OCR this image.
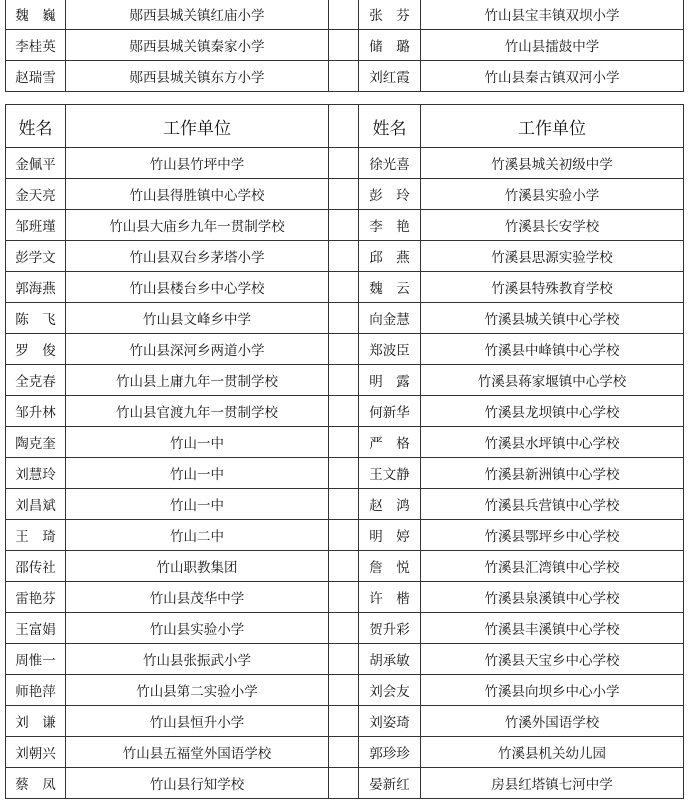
魏　巍	郧西县城关镇红庙小学		张　芬	竹山县宝丰镇双坝小学
李桂英	郧西县城关镇秦家小学		储　璐	竹山县擂鼓中学
赵瑞雪	郧西县城关镇东方小学		刘红霞	竹山县秦古镇双河小学
姓名	工作单位		姓名	工作单位
金佩平	竹山县竹坪中学		徐光喜	竹溪县城关初级中学
金天亮	竹山县得胜镇中心学校		彭　玲	竹溪县实验小学
邹班瑾	竹山县大庙乡九年一贯制学校		李　艳	竹溪县长安学校
彭学文	竹山县双台乡茅塔小学		邱　燕	竹溪县思源实验学校
郭海燕	竹山县楼台乡中心学校		魏　云	竹溪县特殊教育学校
陈　飞	竹山县文峰乡中学		向金慧	竹溪县城关镇中心学校
罗　俊	竹山县深河乡两道小学		郑波臣	竹溪县中峰镇中心学校
全克春	竹山县上庸九年一贯制学校		明　露	竹溪县蒋家堰镇中心学校
邹升林	竹山县官渡九年一贯制学校		何新华	竹溪县龙坝镇中心学校
陶克奎	竹山一中		严　格	竹溪县水坪镇中心学校
刘慧玲	竹山一中		王文静	竹溪县新洲镇中心学校
刘昌斌	竹山一中		赵　鸿	竹溪县兵营镇中心学校
王　琦	竹山二中		明　婷	竹溪县鄂坪乡中心学校
邵传社	竹山职教集团		詹　悦	竹溪县汇湾镇中心学校
雷艳芬	竹山县茂华中学		许　楷	竹溪县泉溪镇中心学校
王富娟	竹山县实验小学		贺升彩	竹溪县丰溪镇中心学校
周惟一	竹山县张振武小学		胡承敏	竹溪县天宝乡中心学校
师艳萍	竹山县第二实验小学		刘会友	竹溪县向坝乡中心小学
刘　谦	竹山县恒升小学		刘姿琦	竹溪外国语学校
刘朝兴	竹山县五福堂外国语学校		郭珍珍	竹溪县机关幼儿园
蔡　凤	竹山县行知学校		晏新红	房县红塔镇七河中学
